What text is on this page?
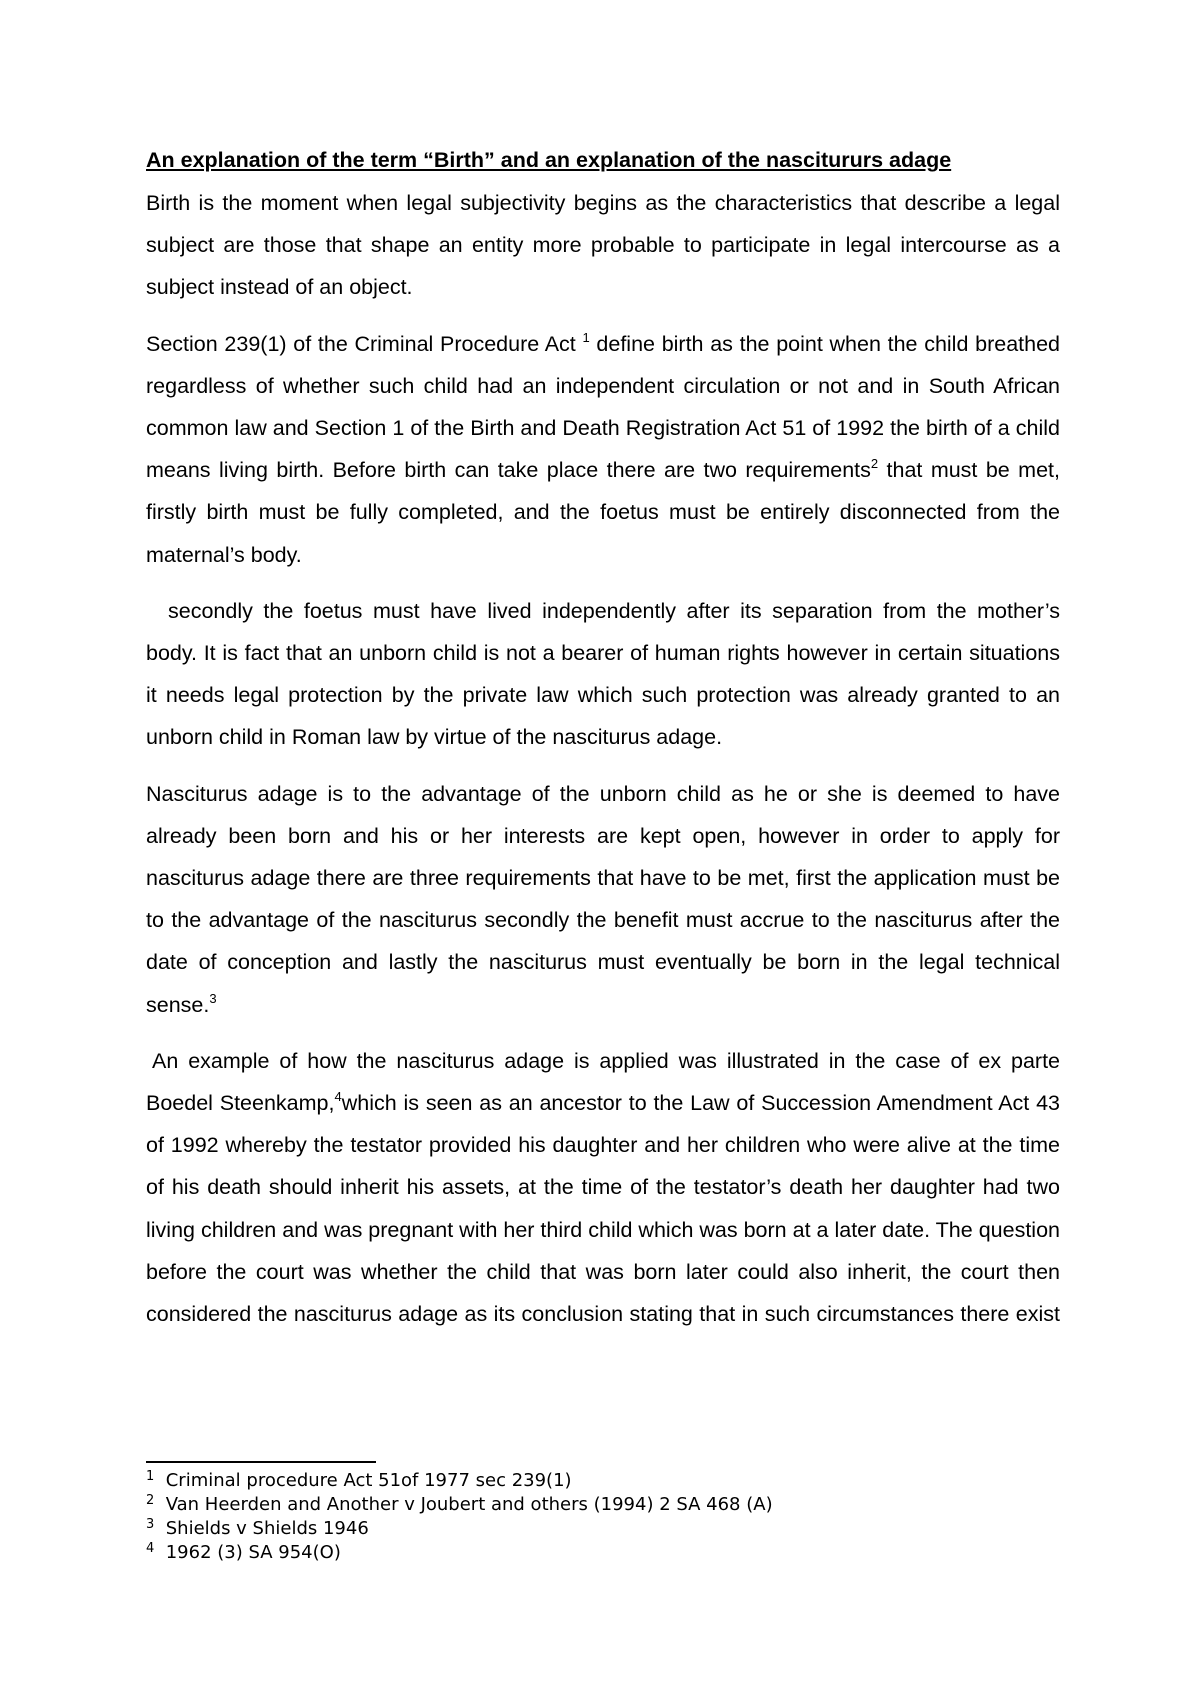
An explanation of the term “Birth” and an explanation of the nascitururs adage

Birth is the moment when legal subjectivity begins as the characteristics that describe a legal subject are those that shape an entity more probable to participate in legal intercourse as a subject instead of an object.

Section 239(1) of the Criminal Procedure Act $^1$ define birth as the point when the child breathed regardless of whether such child had an independent circulation or not and in South African common law and Section 1 of the Birth and Death Registration Act 51 of 1992 the birth of a child means living birth. Before birth can take place there are two requirements$^2$ that must be met, firstly birth must be fully completed, and the foetus must be entirely disconnected from the maternal’s body.

secondly the foetus must have lived independently after its separation from the mother’s body. It is fact that an unborn child is not a bearer of human rights however in certain situations it needs legal protection by the private law which such protection was already granted to an unborn child in Roman law by virtue of the nasciturus adage.

Nasciturus adage is to the advantage of the unborn child as he or she is deemed to have already been born and his or her interests are kept open, however in order to apply for nasciturus adage there are three requirements that have to be met, first the application must be to the advantage of the nasciturus secondly the benefit must accrue to the nasciturus after the date of conception and lastly the nasciturus must eventually be born in the legal technical sense.$^3$

An example of how the nasciturus adage is applied was illustrated in the case of ex parte Boedel Steenkamp,$^4$which is seen as an ancestor to the Law of Succession Amendment Act 43 of 1992 whereby the testator provided his daughter and her children who were alive at the time of his death should inherit his assets, at the time of the testator’s death her daughter had two living children and was pregnant with her third child which was born at a later date. The question before the court was whether the child that was born later could also inherit, the court then considered the nasciturus adage as its conclusion stating that in such circumstances there exist

1 Criminal procedure Act 51of 1977 sec 239(1)

2 Van Heerden and Another v Joubert and others (1994) 2 SA 468 (A)

3 Shields v Shields 1946

4 1962 (3) SA 954(O)
